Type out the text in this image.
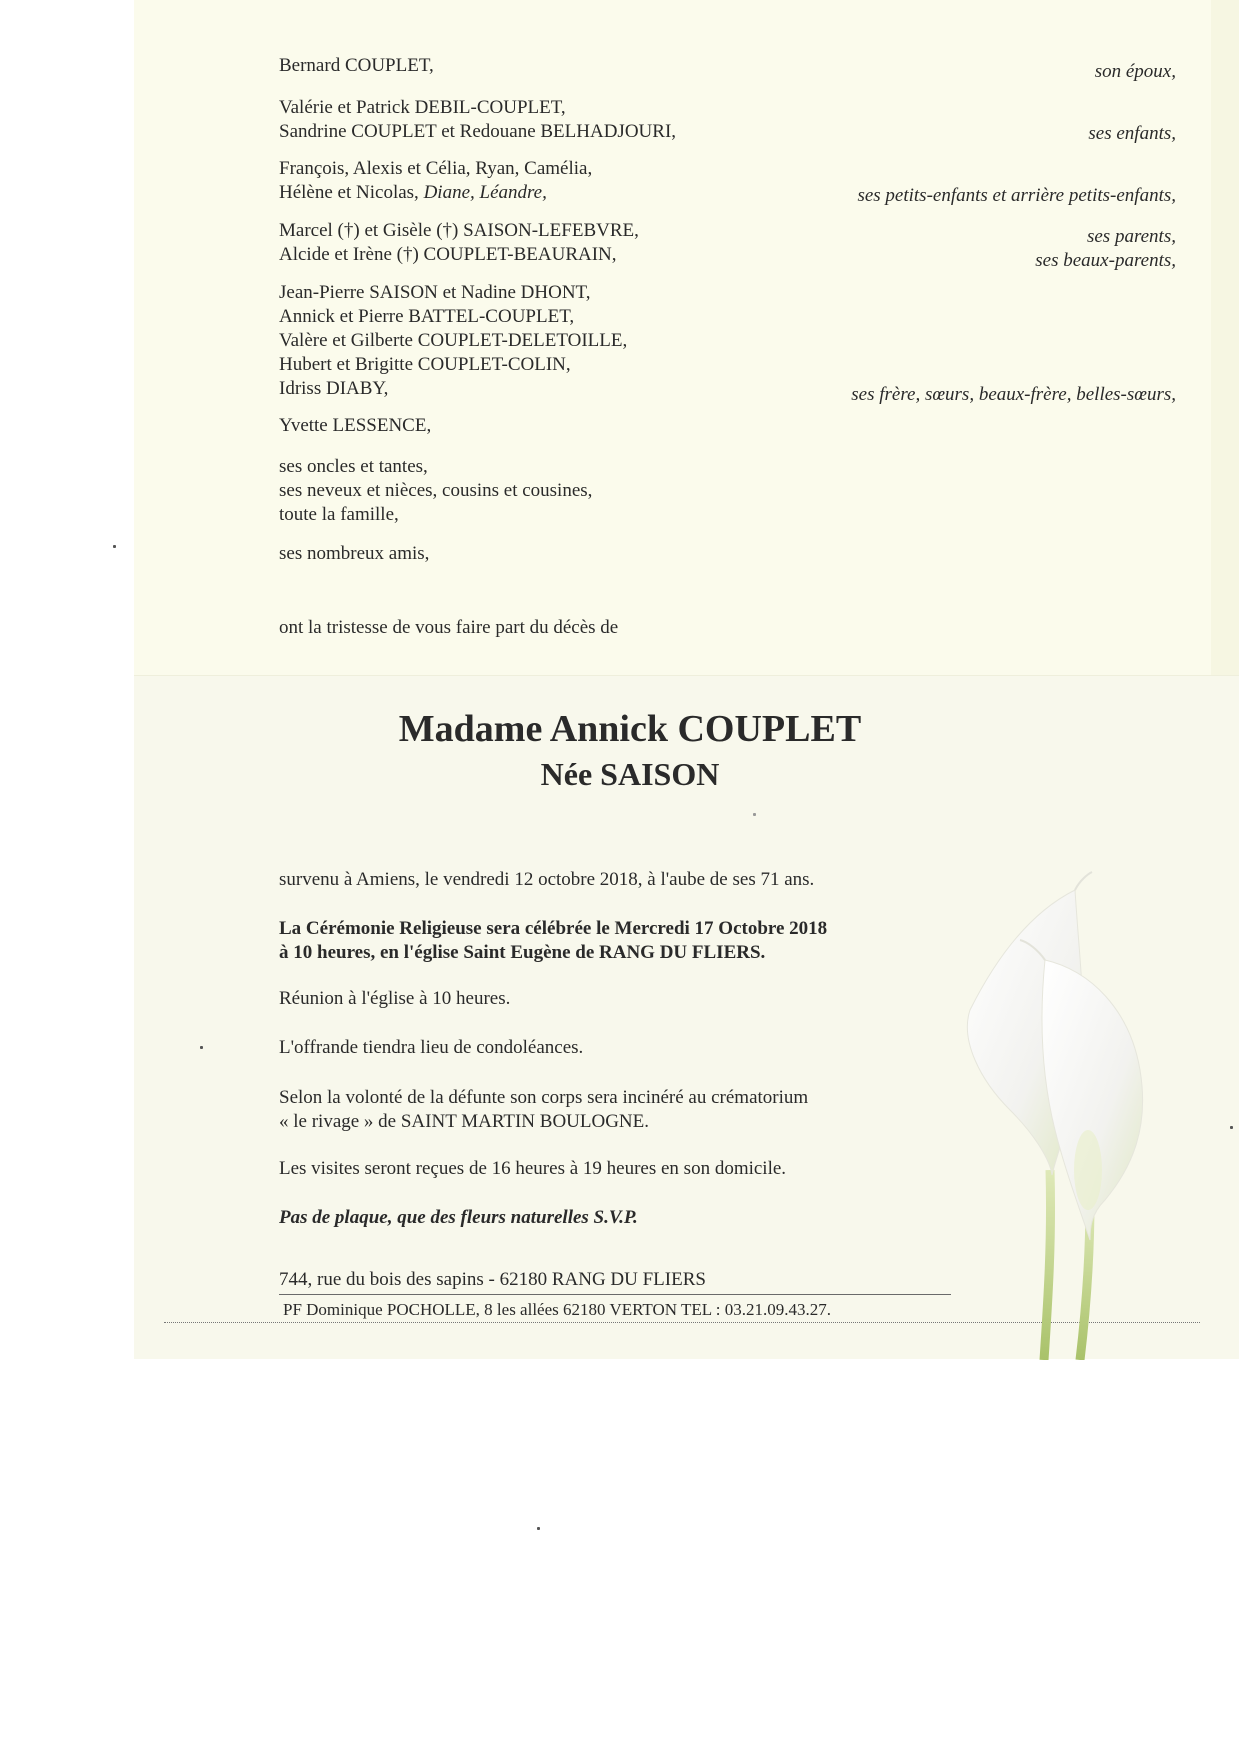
Bernard COUPLET,
Valérie et Patrick DEBIL-COUPLET,
Sandrine COUPLET et Redouane BELHADJOURI,
François, Alexis et Célia, Ryan, Camélia,
Hélène et Nicolas, Diane, Léandre,
Marcel (†) et Gisèle (†) SAISON-LEFEBVRE,
Alcide et Irène (†) COUPLET-BEAURAIN,
Jean-Pierre SAISON et Nadine DHONT,
Annick et Pierre BATTEL-COUPLET,
Valère et Gilberte COUPLET-DELETOILLE,
Hubert et Brigitte COUPLET-COLIN,
Idriss DIABY,
Yvette LESSENCE,
ses oncles et tantes,
ses neveux et nièces, cousins et cousines,
toute la famille,
ses nombreux amis,
ont la tristesse de vous faire part du décès de
son époux,
ses enfants,
ses petits-enfants et arrière petits-enfants,
ses parents,
ses beaux-parents,
ses frère, sœurs, beaux-frère, belles-sœurs,
Madame Annick COUPLET
Née SAISON
survenu à Amiens, le vendredi 12 octobre 2018, à l'aube de ses 71 ans.
La Cérémonie Religieuse sera célébrée le Mercredi 17 Octobre 2018
à 10 heures, en l'église Saint Eugène de RANG DU FLIERS.
Réunion à l'église à 10 heures.
L'offrande tiendra lieu de condoléances.
Selon la volonté de la défunte son corps sera incinéré au crématorium
« le rivage » de SAINT MARTIN BOULOGNE.
Les visites seront reçues de 16 heures à 19 heures en son domicile.
Pas de plaque, que des fleurs naturelles S.V.P.
744, rue du bois des sapins - 62180 RANG DU FLIERS
PF Dominique POCHOLLE, 8 les allées 62180 VERTON TEL : 03.21.09.43.27.
